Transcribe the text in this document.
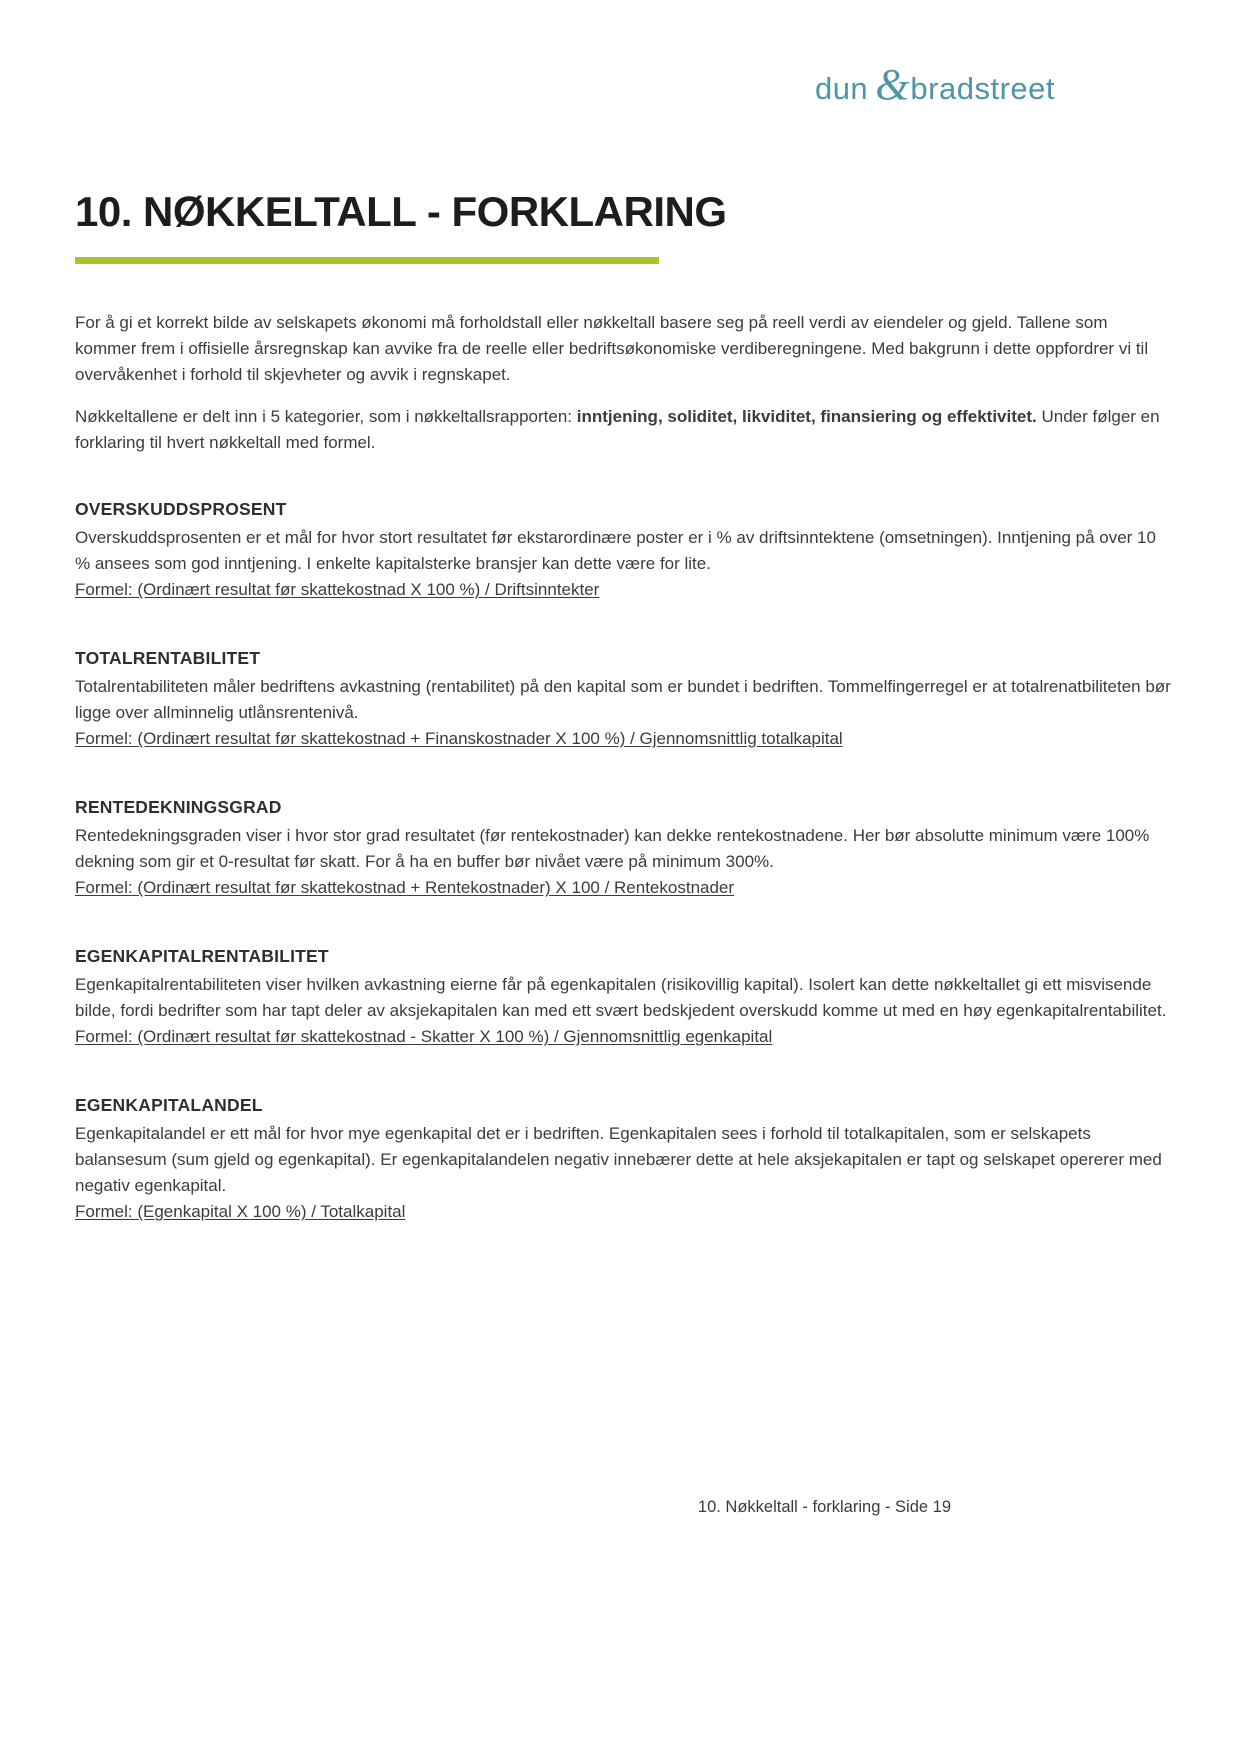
dun & bradstreet
10. NØKKELTALL - FORKLARING

For å gi et korrekt bilde av selskapets økonomi må forholdstall eller nøkkeltall basere seg på reell verdi av eiendeler og gjeld. Tallene som kommer frem i offisielle årsregnskap kan avvike fra de reelle eller bedriftsøkonomiske verdiberegningene. Med bakgrunn i dette oppfordrer vi til overvåkenhet i forhold til skjevheter og avvik i regnskapet.

Nøkkeltallene er delt inn i 5 kategorier, som i nøkkeltallsrapporten: inntjening, soliditet, likviditet, finansiering og effektivitet. Under følger en forklaring til hvert nøkkeltall med formel.

OVERSKUDDSPROSENT

Overskuddsprosenten er et mål for hvor stort resultatet før ekstarordinære poster er i % av driftsinntektene (omsetningen). Inntjening på over 10 % ansees som god inntjening. I enkelte kapitalsterke bransjer kan dette være for lite.

Formel: (Ordinært resultat før skattekostnad X 100 %) / Driftsinntekter

TOTALRENTABILITET

Totalrentabiliteten måler bedriftens avkastning (rentabilitet) på den kapital som er bundet i bedriften. Tommelfingerregel er at totalrenatbiliteten bør ligge over allminnelig utlånsrentenivå.

Formel: (Ordinært resultat før skattekostnad + Finanskostnader X 100 %) / Gjennomsnittlig totalkapital

RENTEDEKNINGSGRAD

Rentedekningsgraden viser i hvor stor grad resultatet (før rentekostnader) kan dekke rentekostnadene. Her bør absolutte minimum være 100% dekning som gir et 0-resultat før skatt. For å ha en buffer bør nivået være på minimum 300%.

Formel: (Ordinært resultat før skattekostnad + Rentekostnader) X 100 / Rentekostnader

EGENKAPITALRENTABILITET

Egenkapitalrentabiliteten viser hvilken avkastning eierne får på egenkapitalen (risikovillig kapital). Isolert kan dette nøkkeltallet gi ett misvisende bilde, fordi bedrifter som har tapt deler av aksjekapitalen kan med ett svært bedskjedent overskudd komme ut med en høy egenkapitalrentabilitet.

Formel: (Ordinært resultat før skattekostnad - Skatter X 100 %) / Gjennomsnittlig egenkapital

EGENKAPITALANDEL

Egenkapitalandel er ett mål for hvor mye egenkapital det er i bedriften. Egenkapitalen sees i forhold til totalkapitalen, som er selskapets balansesum (sum gjeld og egenkapital). Er egenkapitalandelen negativ innebærer dette at hele aksjekapitalen er tapt og selskapet opererer med negativ egenkapital.

Formel: (Egenkapital X 100 %) / Totalkapital

10. Nøkkeltall - forklaring - Side 19
